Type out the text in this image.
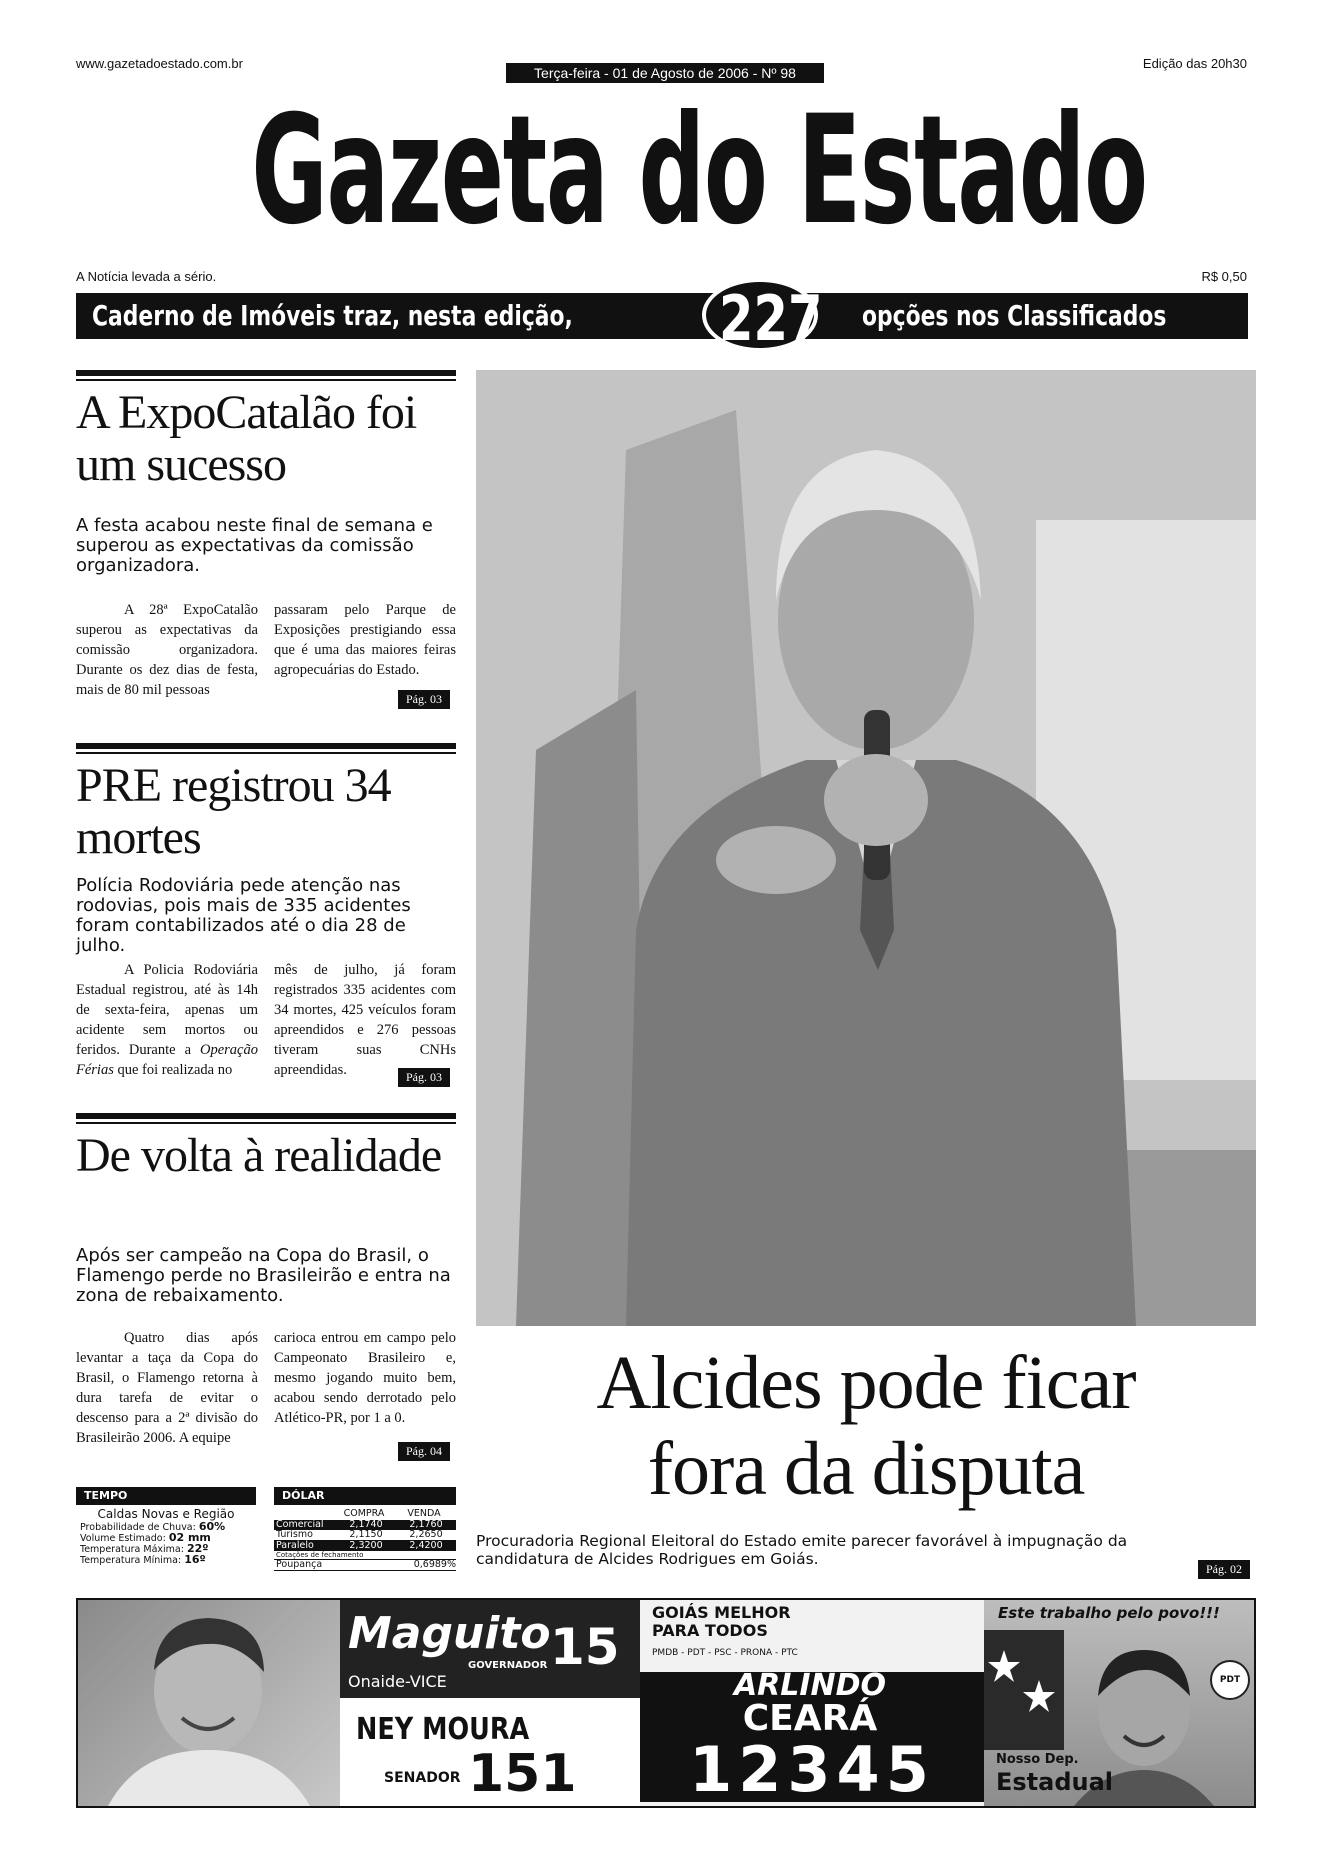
www.gazetadoestado.com.br
Terça-feira - 01 de Agosto de 2006 - Nº 98
Edição das 20h30
Gazeta do Estado
A Notícia levada a sério.	R$ 0,50
Caderno de Imóveis traz, nesta edição,	opções nos Classificados
227
A ExpoCatalão foi um sucesso
A festa acabou neste final de semana e superou as expectativas da comissão organizadora.
A 28ª ExpoCatalão superou as expectativas da comissão organizadora. Durante os dez dias de festa, mais de 80 mil pessoas
passaram pelo Parque de Exposições prestigiando essa que é uma das maiores feiras agropecuárias do Estado.
Pág. 03
PRE registrou 34 mortes
Polícia Rodoviária pede atenção nas rodovias, pois mais de 335 acidentes foram contabilizados até o dia 28 de julho.
A Policia Rodoviária Estadual registrou, até às 14h de sexta-feira, apenas um acidente sem mortos ou feridos. Durante a Operação Férias que foi realizada no
mês de julho, já foram registrados 335 acidentes com 34 mortes, 425 veículos foram apreendidos e 276 pessoas tiveram suas CNHs apreendidas.	Pág. 03
De volta à realidade
Após ser campeão na Copa do Brasil, o Flamengo perde no Brasileirão e entra na zona de rebaixamento.
Quatro dias após levantar a taça da Copa do Brasil, o Flamengo retorna à dura tarefa de evitar o descenso para a 2ª divisão do Brasileirão 2006. A equipe
carioca entrou em campo pelo Campeonato Brasileiro e, mesmo jogando muito bem, acabou sendo derrotado pelo Atlético-PR, por 1 a 0.
Pág. 04
TEMPO
Caldas Novas e Região
Probabilidade de Chuva: 60%
Volume Estimado: 02 mm
Temperatura Máxima: 22º
Temperatura Mínima: 16º
DÓLAR
COMPRA	VENDA
Comercial	2,1740	2,1760
Turismo	2,1150	2,2650
Paralelo	2,3200	2,4200
Cotações de fechamento
Poupança	0,6989%
Alcides pode ficar
fora da disputa
Procuradoria Regional Eleitoral do Estado emite parecer favorável à impugnação da candidatura de Alcides Rodrigues em Goiás.
Pág. 02
Maguito 15
GOVERNADOR
Onaide-VICE
NEY MOURA
SENADOR 151
GOIÁS MELHOR PARA TODOS
PMDB - PDT - PSC - PRONA - PTC
ARLINDO
CEARÁ
12345
Este trabalho pelo povo!!!
PDT
Nosso Dep.
Estadual
